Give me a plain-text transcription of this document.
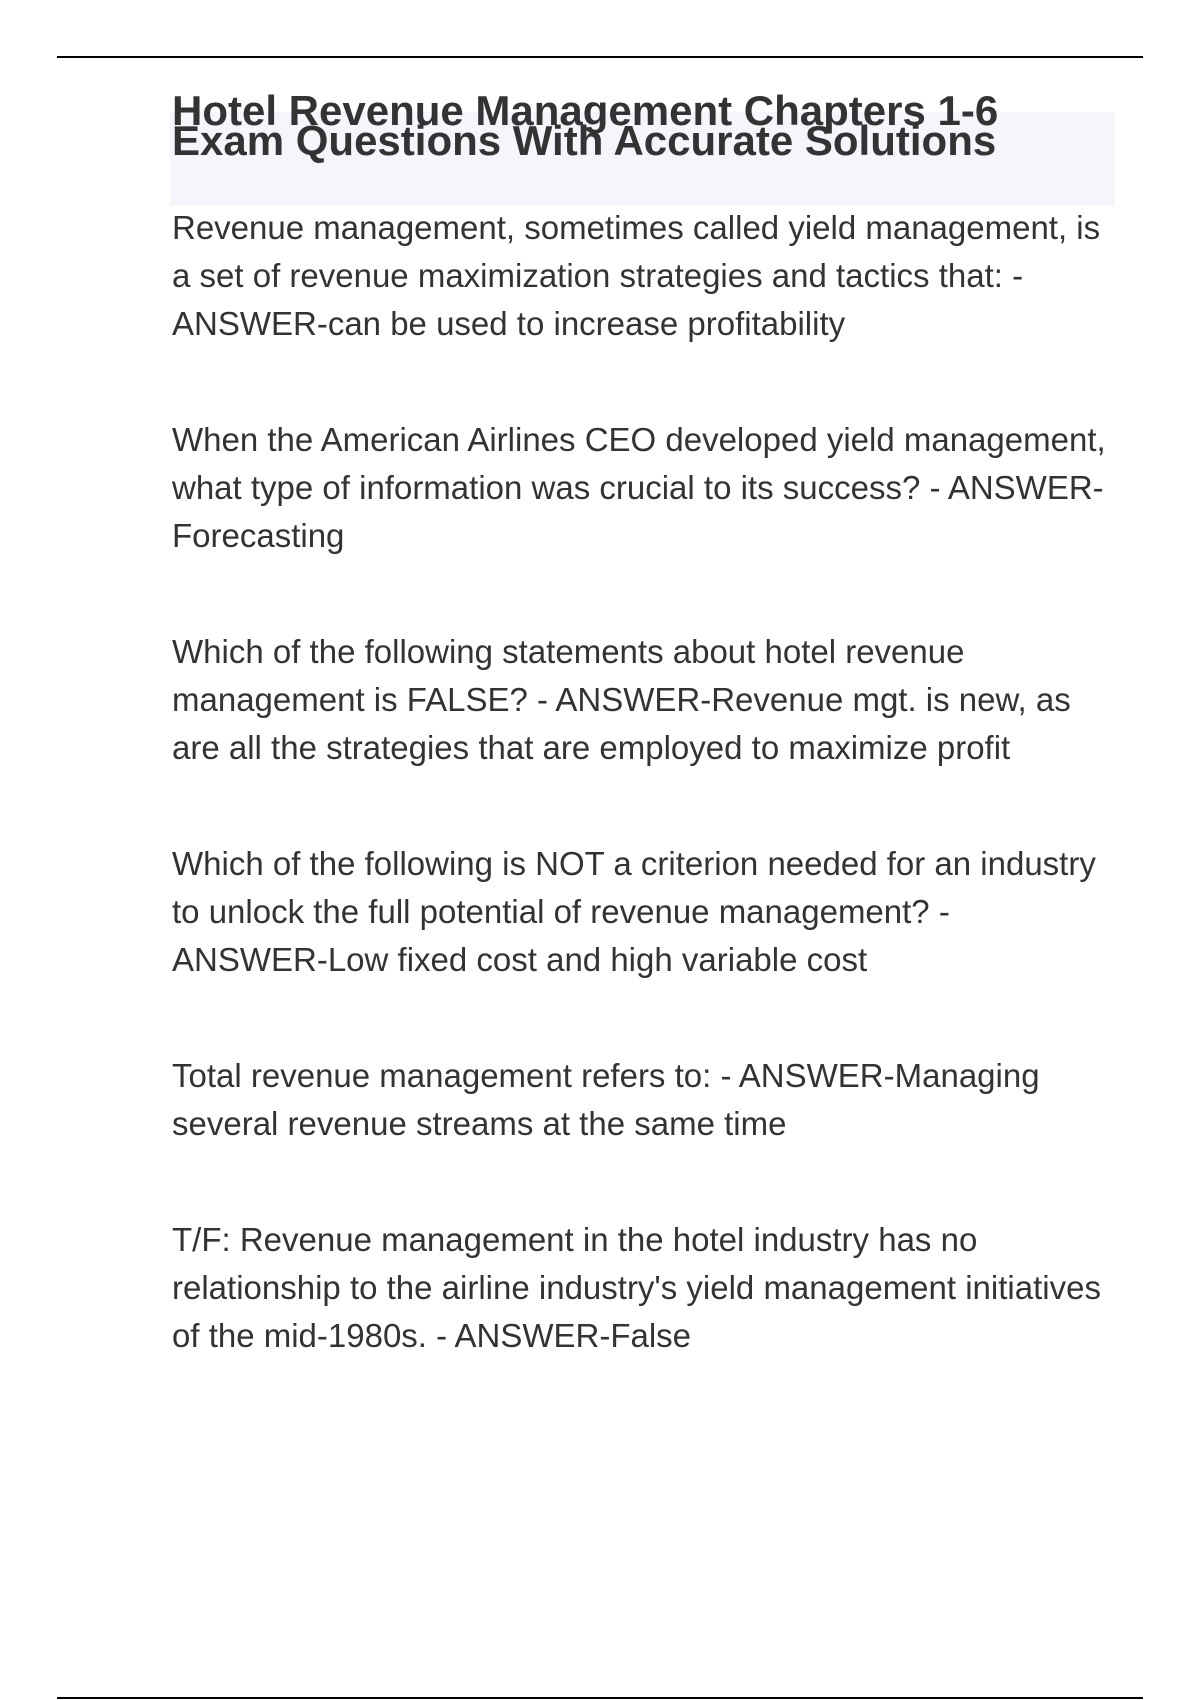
Hotel Revenue Management Chapters 1-6 Exam Questions With Accurate Solutions

Revenue management, sometimes called yield management, is a set of revenue maximization strategies and tactics that: - ANSWER-can be used to increase profitability

When the American Airlines CEO developed yield management, what type of information was crucial to its success? - ANSWER-Forecasting

Which of the following statements about hotel revenue management is FALSE? - ANSWER-Revenue mgt. is new, as are all the strategies that are employed to maximize profit

Which of the following is NOT a criterion needed for an industry to unlock the full potential of revenue management? - ANSWER-Low fixed cost and high variable cost

Total revenue management refers to: - ANSWER-Managing several revenue streams at the same time

T/F: Revenue management in the hotel industry has no relationship to the airline industry's yield management initiatives of the mid-1980s. - ANSWER-False
